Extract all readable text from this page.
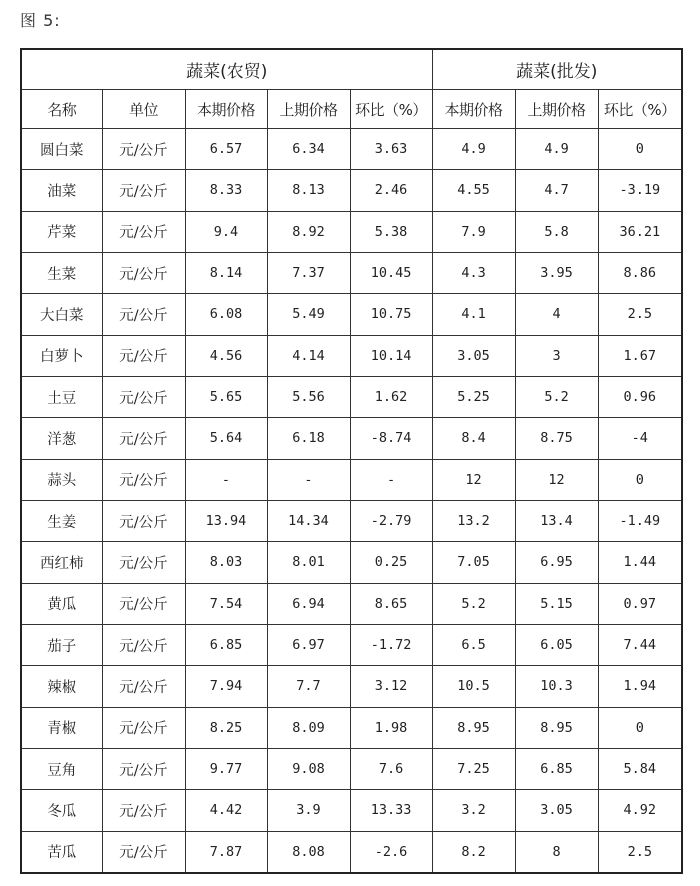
图 5:
蔬菜(农贸)					蔬菜(批发)		
名称	单位	本期价格	上期价格	环比（%）	本期价格	上期价格	环比（%）
圆白菜	元/公斤	6.57	6.34	3.63	4.9	4.9	0
油菜	元/公斤	8.33	8.13	2.46	4.55	4.7	-3.19
芹菜	元/公斤	9.4	8.92	5.38	7.9	5.8	36.21
生菜	元/公斤	8.14	7.37	10.45	4.3	3.95	8.86
大白菜	元/公斤	6.08	5.49	10.75	4.1	4	2.5
白萝卜	元/公斤	4.56	4.14	10.14	3.05	3	1.67
土豆	元/公斤	5.65	5.56	1.62	5.25	5.2	0.96
洋葱	元/公斤	5.64	6.18	-8.74	8.4	8.75	-4
蒜头	元/公斤	-	-	-	12	12	0
生姜	元/公斤	13.94	14.34	-2.79	13.2	13.4	-1.49
西红柿	元/公斤	8.03	8.01	0.25	7.05	6.95	1.44
黄瓜	元/公斤	7.54	6.94	8.65	5.2	5.15	0.97
茄子	元/公斤	6.85	6.97	-1.72	6.5	6.05	7.44
辣椒	元/公斤	7.94	7.7	3.12	10.5	10.3	1.94
青椒	元/公斤	8.25	8.09	1.98	8.95	8.95	0
豆角	元/公斤	9.77	9.08	7.6	7.25	6.85	5.84
冬瓜	元/公斤	4.42	3.9	13.33	3.2	3.05	4.92
苦瓜	元/公斤	7.87	8.08	-2.6	8.2	8	2.5
